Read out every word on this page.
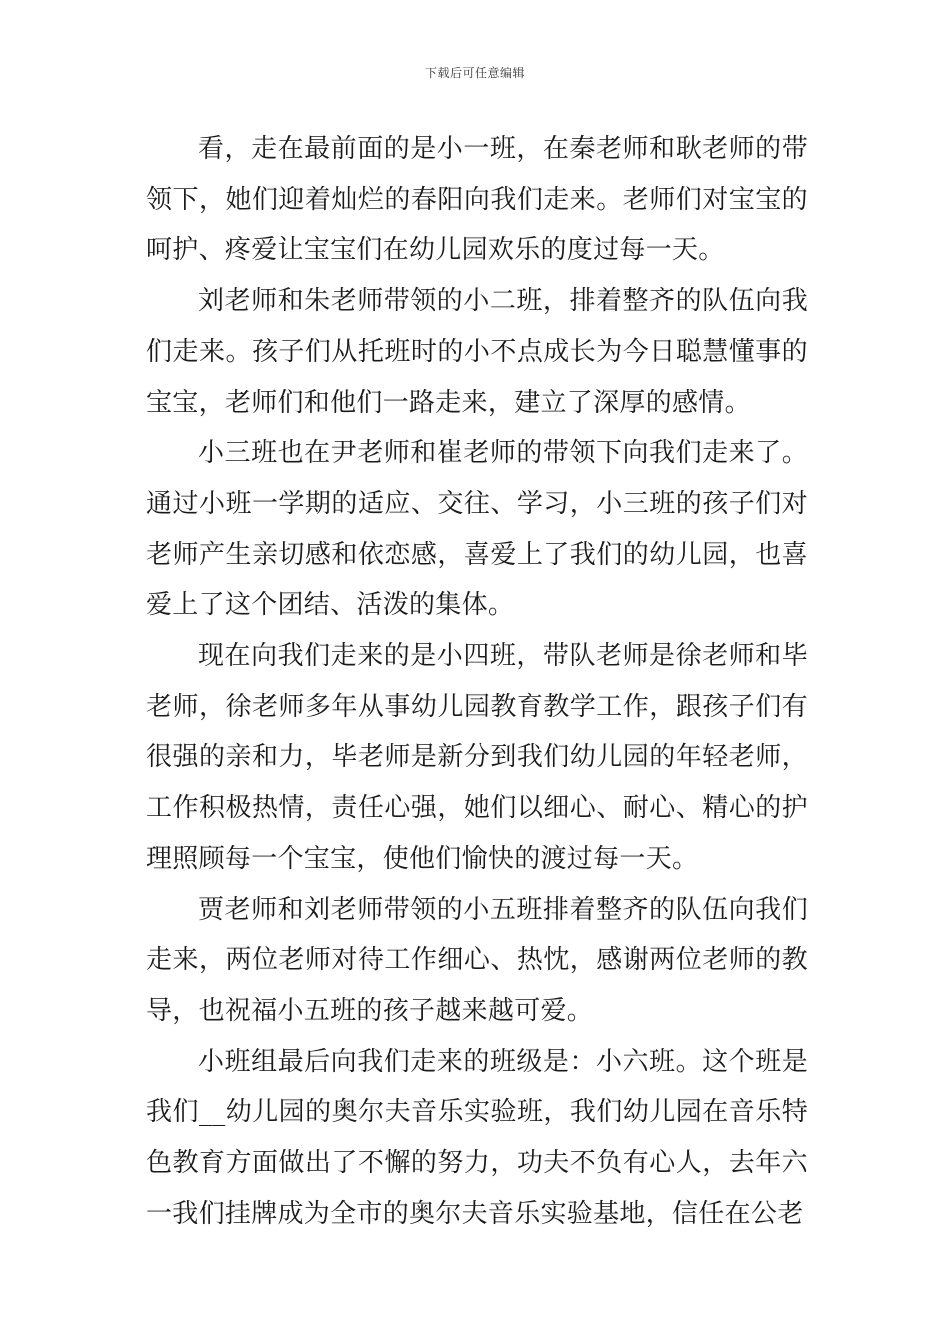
下载后可任意编辑

看，走在最前面的是小一班，在秦老师和耿老师的带领下，她们迎着灿烂的春阳向我们走来。老师们对宝宝的呵护、疼爱让宝宝们在幼儿园欢乐的度过每一天。

刘老师和朱老师带领的小二班，排着整齐的队伍向我们走来。孩子们从托班时的小不点成长为今日聪慧懂事的宝宝，老师们和他们一路走来，建立了深厚的感情。

小三班也在尹老师和崔老师的带领下向我们走来了。通过小班一学期的适应、交往、学习，小三班的孩子们对老师产生亲切感和依恋感，喜爱上了我们的幼儿园，也喜爱上了这个团结、活泼的集体。

现在向我们走来的是小四班，带队老师是徐老师和毕老师，徐老师多年从事幼儿园教育教学工作，跟孩子们有很强的亲和力，毕老师是新分到我们幼儿园的年轻老师，工作积极热情，责任心强，她们以细心、耐心、精心的护理照顾每一个宝宝，使他们愉快的渡过每一天。

贾老师和刘老师带领的小五班排着整齐的队伍向我们走来，两位老师对待工作细心、热忱，感谢两位老师的教导，也祝福小五班的孩子越来越可爱。

小班组最后向我们走来的班级是：小六班。这个班是我们__幼儿园的奥尔夫音乐实验班，我们幼儿园在音乐特色教育方面做出了不懈的努力，功夫不负有心人，去年六一我们挂牌成为全市的奥尔夫音乐实验基地，信任在公老
